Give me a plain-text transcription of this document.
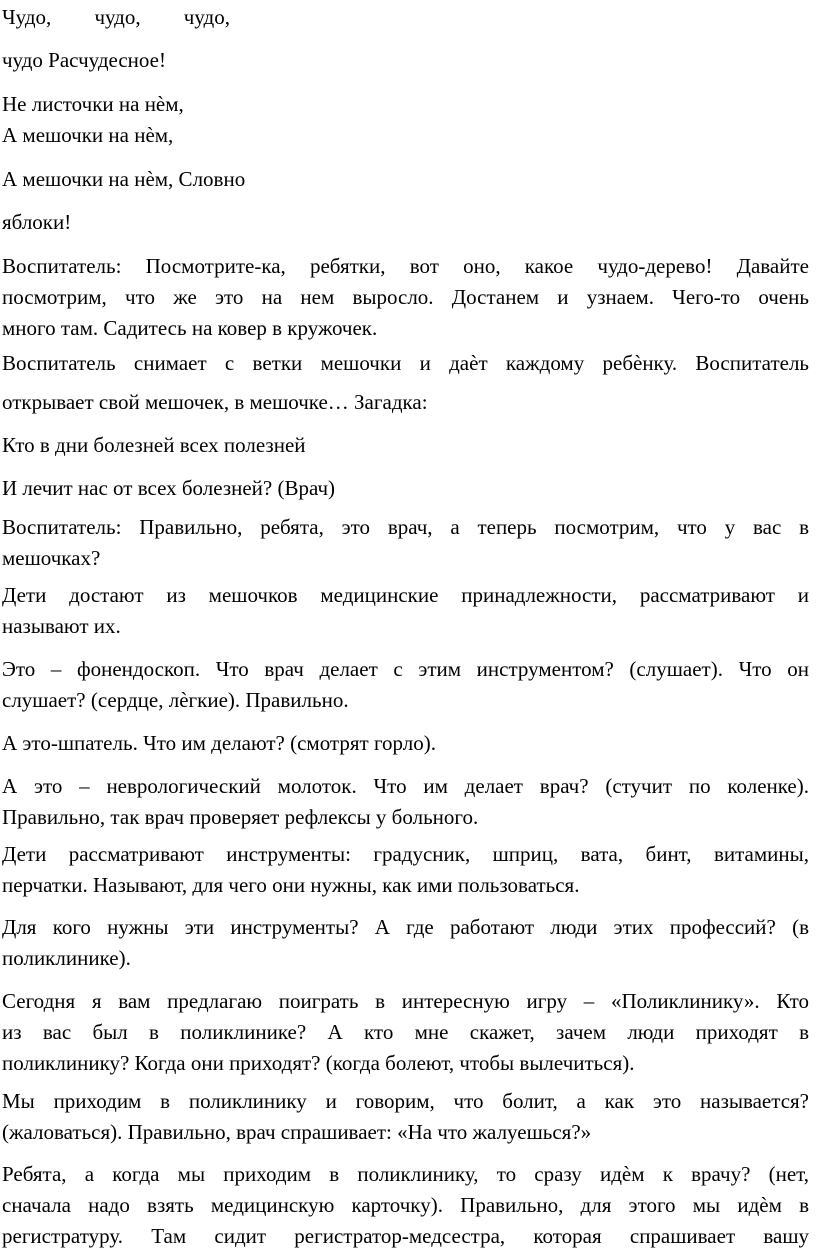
Чудо, чудо, чудо,
чудо Расчудесное!
Не листочки на нѐм,
А мешочки на нѐм,
А мешочки на нѐм, Словно
яблоки!
Воспитатель: Посмотрите-ка, ребятки, вот оно, какое чудо-дерево! Давайте
посмотрим, что же это на нем выросло. Достанем и узнаем. Чего-то очень
много там. Садитесь на ковер в кружочек.
Воспитатель снимает с ветки мешочки и даѐт каждому ребѐнку. Воспитатель
открывает свой мешочек, в мешочке… Загадка:
Кто в дни болезней всех полезней
И лечит нас от всех болезней? (Врач)
Воспитатель: Правильно, ребята, это врач, а теперь посмотрим, что у вас в
мешочках?
Дети достают из мешочков медицинские принадлежности, рассматривают и
называют их.
Это – фонендоскоп. Что врач делает с этим инструментом? (слушает). Что он
слушает? (сердце, лѐгкие). Правильно.
А это-шпатель. Что им делают? (смотрят горло).
А это – неврологический молоток. Что им делает врач? (стучит по коленке).
Правильно, так врач проверяет рефлексы у больного.
Дети рассматривают инструменты: градусник, шприц, вата, бинт, витамины,
перчатки. Называют, для чего они нужны, как ими пользоваться.
Для кого нужны эти инструменты? А где работают люди этих профессий? (в
поликлинике).
Сегодня я вам предлагаю поиграть в интересную игру – «Поликлинику». Кто
из вас был в поликлинике? А кто мне скажет, зачем люди приходят в
поликлинику? Когда они приходят? (когда болеют, чтобы вылечиться).
Мы приходим в поликлинику и говорим, что болит, а как это называется?
(жаловаться). Правильно, врач спрашивает: «На что жалуешься?»
Ребята, а когда мы приходим в поликлинику, то сразу идѐм к врачу? (нет,
сначала надо взять медицинскую карточку). Правильно, для этого мы идѐм в
регистратуру. Там сидит регистратор-медсестра, которая спрашивает вашу
